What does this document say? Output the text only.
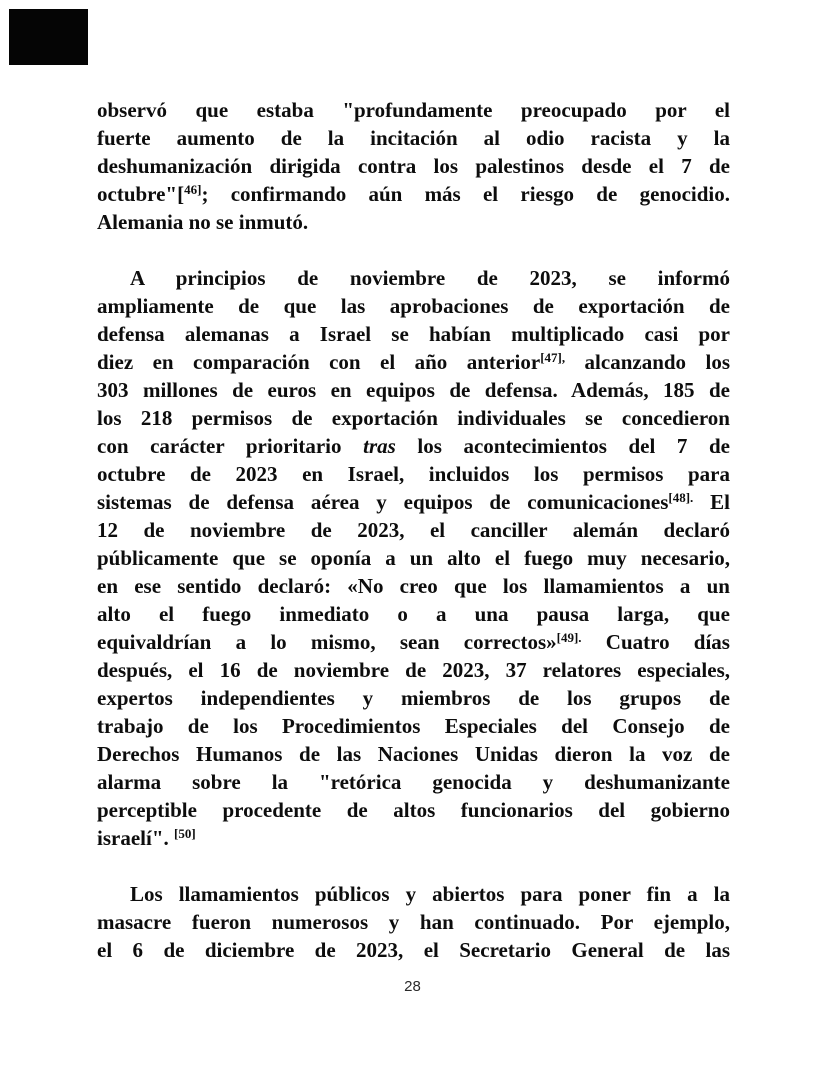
observó que estaba "profundamente preocupado por el
fuerte aumento de la incitación al odio racista y la
deshumanización dirigida contra los palestinos desde el 7 de
octubre"[$^{46]}$; confirmando aún más el riesgo de genocidio.
Alemania no se inmutó.
A principios de noviembre de 2023, se informó
ampliamente de que las aprobaciones de exportación de
defensa alemanas a Israel se habían multiplicado casi por
diez en comparación con el año anterior$^{[47],}$ alcanzando los
303 millones de euros en equipos de defensa. Además, 185 de
los 218 permisos de exportación individuales se concedieron
con carácter prioritario tras los acontecimientos del 7 de
octubre de 2023 en Israel, incluidos los permisos para
sistemas de defensa aérea y equipos de comunicaciones$^{[48].}$ El
12 de noviembre de 2023, el canciller alemán declaró
públicamente que se oponía a un alto el fuego muy necesario,
en ese sentido declaró: «No creo que los llamamientos a un
alto el fuego inmediato o a una pausa larga, que
equivaldrían a lo mismo, sean correctos»$^{[49].}$ Cuatro días
después, el 16 de noviembre de 2023, 37 relatores especiales,
expertos independientes y miembros de los grupos de
trabajo de los Procedimientos Especiales del Consejo de
Derechos Humanos de las Naciones Unidas dieron la voz de
alarma sobre la "retórica genocida y deshumanizante
perceptible procedente de altos funcionarios del gobierno
israelí". [50]
Los llamamientos públicos y abiertos para poner fin a la
masacre fueron numerosos y han continuado. Por ejemplo,
el 6 de diciembre de 2023, el Secretario General de las
28
